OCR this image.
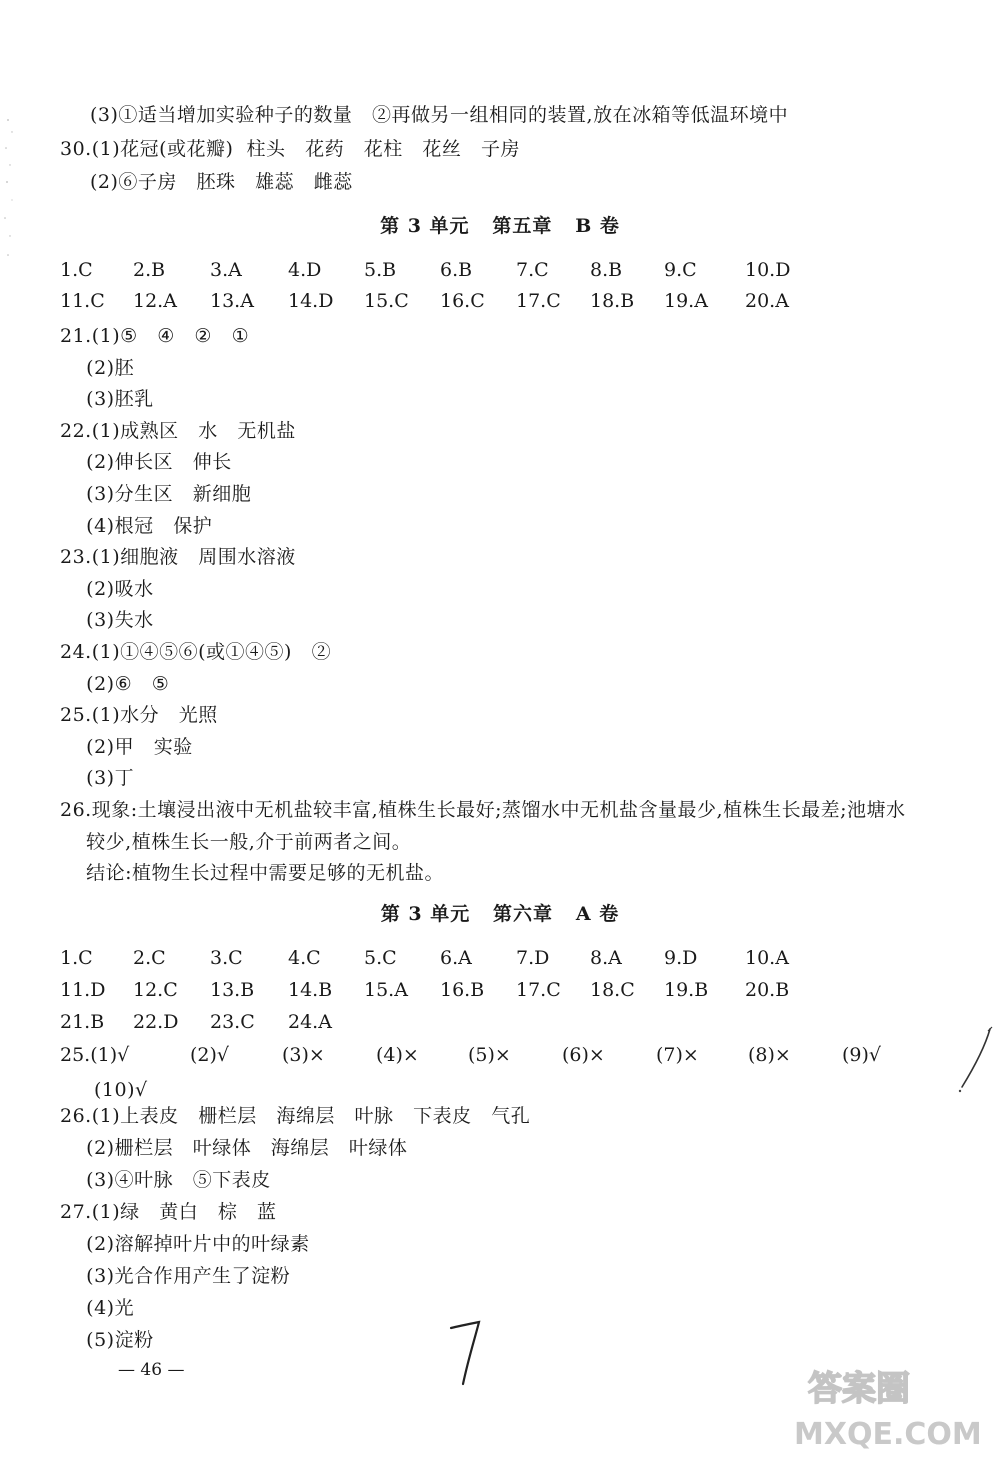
(3)①适当增加实验种子的数量   ②再做另一组相同的装置,放在冰箱等低温环境中
30.(1)花冠(或花瓣)  柱头   花药   花柱   花丝   子房
(2)⑥子房   胚珠   雄蕊   雌蕊
第 3 单元   第五章   B 卷
1.C 2.B 3.A 4.D 5.B 6.B 7.C 8.B 9.C	10.D
11.C 12.A 13.A 14.D 15.C 16.C 17.C 18.B 19.A 20.A
21.(1)⑤   ④   ②   ①
(2)胚
(3)胚乳
22.(1)成熟区   水   无机盐
(2)伸长区   伸长
(3)分生区   新细胞
(4)根冠   保护
23.(1)细胞液   周围水溶液
(2)吸水
(3)失水
24.(1)①④⑤⑥(或①④⑤)   ②
(2)⑥   ⑤
25.(1)水分   光照
(2)甲   实验
(3)丁
26.现象:土壤浸出液中无机盐较丰富,植株生长最好;蒸馏水中无机盐含量最少,植株生长最差;池塘水
较少,植株生长一般,介于前两者之间。
结论:植物生长过程中需要足够的无机盐。
第 3 单元   第六章   A 卷
1.C 2.C 3.C 4.C 5.C 6.A 7.D 8.A 9.D	10.A
11.D 12.C 13.B 14.B 15.A 16.B 17.C 18.C 19.B 20.B
21.B 22.D 23.C 24.A
25.(1)√	(2)√	(3)×	(4)×	(5)×	(6)×	(7)×	(8)×	(9)√
(10)√
26.(1)上表皮   栅栏层   海绵层   叶脉   下表皮   气孔
(2)栅栏层   叶绿体   海绵层   叶绿体
(3)④叶脉   ⑤下表皮
27.(1)绿   黄白   棕   蓝
(2)溶解掉叶片中的叶绿素
(3)光合作用产生了淀粉
(4)光
(5)淀粉
— 46 —	答案圈
MXQE.COM
